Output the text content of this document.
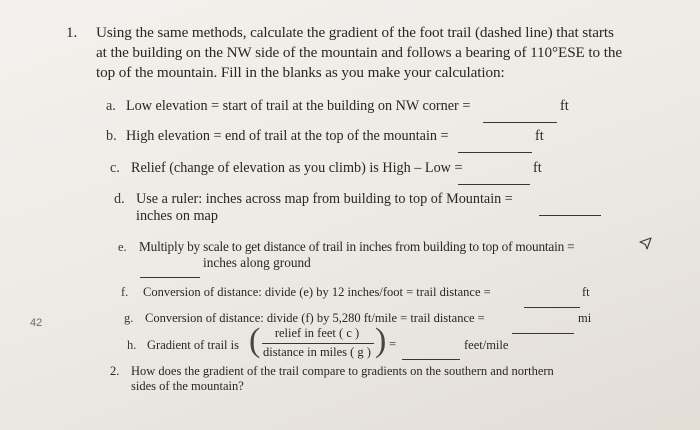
42
1. Using the same methods, calculate the gradient of the foot trail (dashed line) that starts
at the building on the NW side of the mountain and follows a bearing of 110°ESE to the
top of the mountain. Fill in the blanks as you make your calculation:
a. Low elevation = start of trail at the building on NW corner =	ft
b. High elevation = end of trail at the top of the mountain =	ft
c. Relief (change of elevation as you climb) is High – Low =	ft
d. Use a ruler: inches across map from building to top of Mountain =
inches on map
e. Multiply by scale to get distance of trail in inches from building to top of mountain =
inches along ground
f. Conversion of distance: divide (e) by 12 inches/foot = trail distance =	ft
g. Conversion of distance: divide (f) by 5,280 ft/mile = trail distance =	mi
h. Gradient of trail is (	relief in feet ( c )
distance in miles ( g ) ) =	feet/mile
2. How does the gradient of the trail compare to gradients on the southern and northern
sides of the mountain?
